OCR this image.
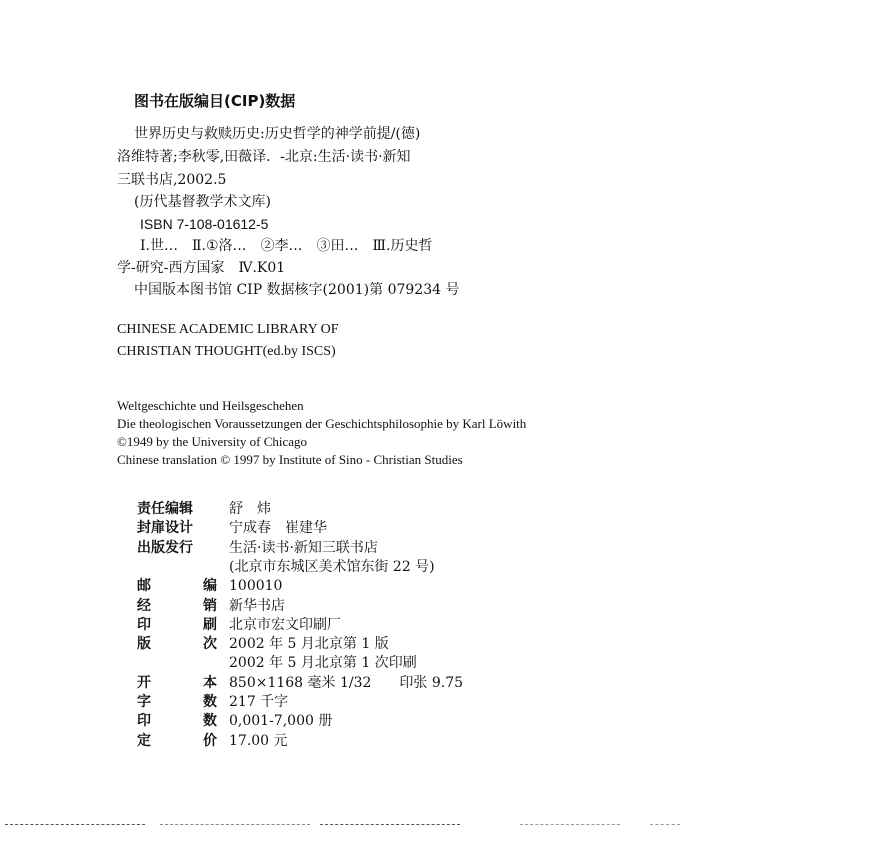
图书在版编目(CIP)数据
世界历史与救赎历史:历史哲学的神学前提/(德)
洛维特著;李秋零,田薇译．-北京:生活·读书·新知
三联书店,2002.5
(历代基督教学术文库)
ISBN 7-108-01612-5
Ⅰ.世…　Ⅱ.①洛…　②李…　③田…　Ⅲ.历史哲
学-研究-西方国家　Ⅳ.K01
中国版本图书馆 CIP 数据核字(2001)第 079234 号
CHINESE ACADEMIC LIBRARY OF
CHRISTIAN THOUGHT(ed.by ISCS)
Weltgeschichte und Heilsgeschehen
Die theologischen Voraussetzungen der Geschichtsphilosophie by Karl Löwith
©1949 by the University of Chicago
Chinese translation © 1997 by Institute of Sino - Christian Studies
责任编辑	舒　炜
封扉设计	宁成春　崔建华
出版发行	生活·读书·新知三联书店
(北京市东城区美术馆东街 22 号)
邮	编 100010
经	销 新华书店
印	刷 北京市宏文印刷厂
版	次 2002 年 5 月北京第 1 版
2002 年 5 月北京第 1 次印刷
开	本 850×1168 毫米 1/32　　印张 9.75
字	数 217 千字
印	数 0,001-7,000 册
定	价 17.00 元
